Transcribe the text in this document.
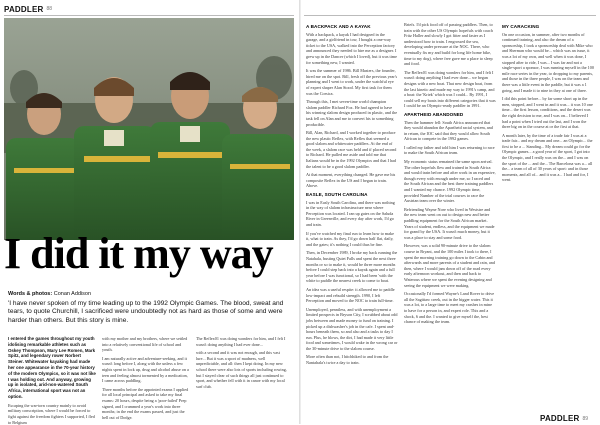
PADDLER 88
I did it my way
Words & photos: Conan Addison

'I have never spoken of my time leading up to the 1992 Olympic Games. The blood, sweat and tears, to quote Churchill, I sacrificed were undoubtedly not as hard as those of some and were harder than others. But this story is mine.

I entered the games throughout my youth idolising remarkable athletes such as Oskey Thompson, Mary Lee Romen, Mark Spitz, and legendary rower Norbert Steiner. Whitewater kayaking had made her one appearance in the 70-year history of the modern Olympics, so it was not like I was holding out. And anyway, growing up in isolated, arid-non-watered South Africa, international sport was not an option.

Escaping the war-torn country mainly to avoid military conscription, where I would be forced to fight against the freedom fighters I supported, I fled to Belgium

with my mother and my brothers, where we settled into a relatively conventional life of school and youth.

I am naturally active and adventure-seeking, and it wasn't long before I, along with the unless a few nights spent in lock up, drug and alcohol abuse on a teen and feeling almost tormented by a medication, I came across paddling.

Three months before the appointed exams I applied for all local principal and asked to take my final exams: 20 hours, despite being a 'poor-failed' Prep signed, and I crammed a year's work into three months; in the end the exams passed, and just the hell out of Dodge.

The Reflex01 was doing wonders for him, and I felt I wasn't doing anything I had ever done...

with a second and it was not enough, and this vast lure... But it was a sport of madness, well unpredictable, and all: then I kept doing. In my new school there were also lots of sports including rowing, but I stayed clear of such things all just continued to sport, and whether fell with it in canoe with my local surf club.

A BACKPACK AND A KAYAK

With a backpack, a kayak I had designed in the garage, and a girlfriend in tow, I bought a one-way ticket to the USA, walked into the Perception factory and announced they needed to hire me as a designer. I grew up in the Dancer (which I loved), but it was time for something new, I wanted.

It was the summer of 1986. Bill Masters, the founder, hired me on the spot. Bill, fresh off the previous year's planning and I went to work, under the watchful eye of expert shaper Alan Stood. My first task for them was the Corsica.

Through this, I met seven-time world champion slalom paddler Richard Fox. He had agreed to have his winning slalom design produced in plastic, and the task fell on Alan and me to convert his to something producible.

Bill, Alan, Richard, and I worked together to produce the new plastic Reflex, with Reflex that seemed a good slalom and whitewater paddlers. At the end of the week, a slalom race was held and if placed second to Richard. He pulled me aside and told me that Italians would be in the 1992 Olympics and that I had the talent to be a good slalom paddler.

At that moment, everything changed. He gave me his composite Reflex in the US and I began to train. Above.

EASLE, SOUTH CAROLINA

I was in Easly South Carolina, and there was nothing in the way of slalom infrastructure near where Perception was located. I ran up gates on the Saluda River in Greenville, and every day after work, I'd go and train.

If you've watched my final run to learn how to make it, what to train. As they, I'd go down half flat, daily, and the gates; it's nothing I could thus be fine.

Then, in December 1989, I broke my back running the Natahala, busting Quiet Falls and spent the next three months or so to make it, would be three more months before I could step back into a kayak again and a full year before I was functional, so I had been 'with the white to paddle the nearest creek to come to boat.

An idea was a useful respite: it allowed me to paddle low-impact and rebuild strength. 1990, I left Perception and moved to the NOC to train full-time.

Unemployed, penniless, and with unemployment a limited prospects in Bryson City, I scrubbed about odd jobs between and made money to fund on training. I picked up a dishwasher's job in the cafe. I spent and-hours beneath them, so and also and a tasks to day I run. Plus, he blows, the dirt, I had made it very little food and sometimes, I would wake in the wrong car or the 30-minute drive to the slalom course.

More often than not, I hitchhiked to and from the Nantahala's twice a day to train.

Briefs. I'd pick food off of passing paddlers. Then, to train with the other US Olympic hopefuls with coach Fritz Haller and slowly I got fitter and faster as I understood how to train. I engrossed the sea, developing under pressure at the NOC. There, who eventually fix my and build for long life home bike, time to my dog), where free gave me a place to sleep and food.

The Reflex01 was doing wonders for him, and I felt I wasn't doing anything I had ever done... we began designs with a new boat. That new design boat, from the last kinetic and made my way to 1991's camp, and a boat: the 'Kriek' which was I could... By 1991, I could sell my boats into different categories that it was I could be an Olympic-ready paddler in 1991.

APARTHEID ABANDONED

Then the hammer fell: South Africa announced that they would abandon the Apartheid racial system, and in return, the IOC said that they would allow South African to compete in the 1992 games.

I called my father and told him I was returning to race to make the South African team.

My economic status remained the same upon arrival. The other hopefuls flew and trained in South Africa and would train before and after work in an expensive, though every with enough under me, so I raced and the South African and the best three training paddlers and I wanted my chance. 1992 Olympic time, provided Number of the trial courses to race the Austrian team over the winter.

Befriending Wayne Nore who lived in Weststre and the new team went on out to design new and better paddling equipment for the South African market. Years of student, endless, and the equipment we made for grand by the USA. It wasn't much money, but it was a place to stay and some food.

However, was a solid 90-minute drive to the slalom course in Bryant, and the 100 miles I took to there, I spent the morning training go down to the Cabin and afterwards and more parents of a student and rain, and then, where I would jam down off of the road every early afternoon workout, and then and back to Waterous where we spent the evening designing and seeing the equipment we were making.

Occasionally I'd formed Wayne's Land Rover to drive all the Sagittaw creek, out in the bigger water. This it was a lot, to a large time to meet my crashes in mine to have for a person in, and expert role. This and a shock, 6 and the. I wanted to give myself the, best chance of making the team.

MY CARACKING

On one occasion, in summer, after two months of continued training, and also the dream of a sponsorship, I took a sponsorship deal with Mike who and Sherman who would be... which was an issue, it was a lot of my own, and well when it was done, I stopped after to ride, I was... I was far and not a single-sport a sponsor, I was running myself in the 100 mile race series in the year, to dropping to my parents, and those in the three people, I was on the team and there was a little event in the paddle, but it was a 1 going, and I made it to nine in they at one of three.

I did this point before... by far some short up in the men, stopped, and I went in and it was... it was 10 one time... the first lesson, conditions, and the desert was the right decision to me, and I was on... I believed I had a point when I tried out the last, and I won the three big on in the course at or the first at that.

A month later, by the time of a trade fair I was at a trade fair... and my dream and one... an Olympic... the first to be a ... Standing... My dream could go for the Olympic games... a good year of the sport, I got into the Olympic, and I really was on the... and I was on the sport of the ... and the... The Barcelona was a... all the... a team of all of 30 years of sport: and in those moments, and all of... and it was a... I had and for, I went.

PADDLER 89
